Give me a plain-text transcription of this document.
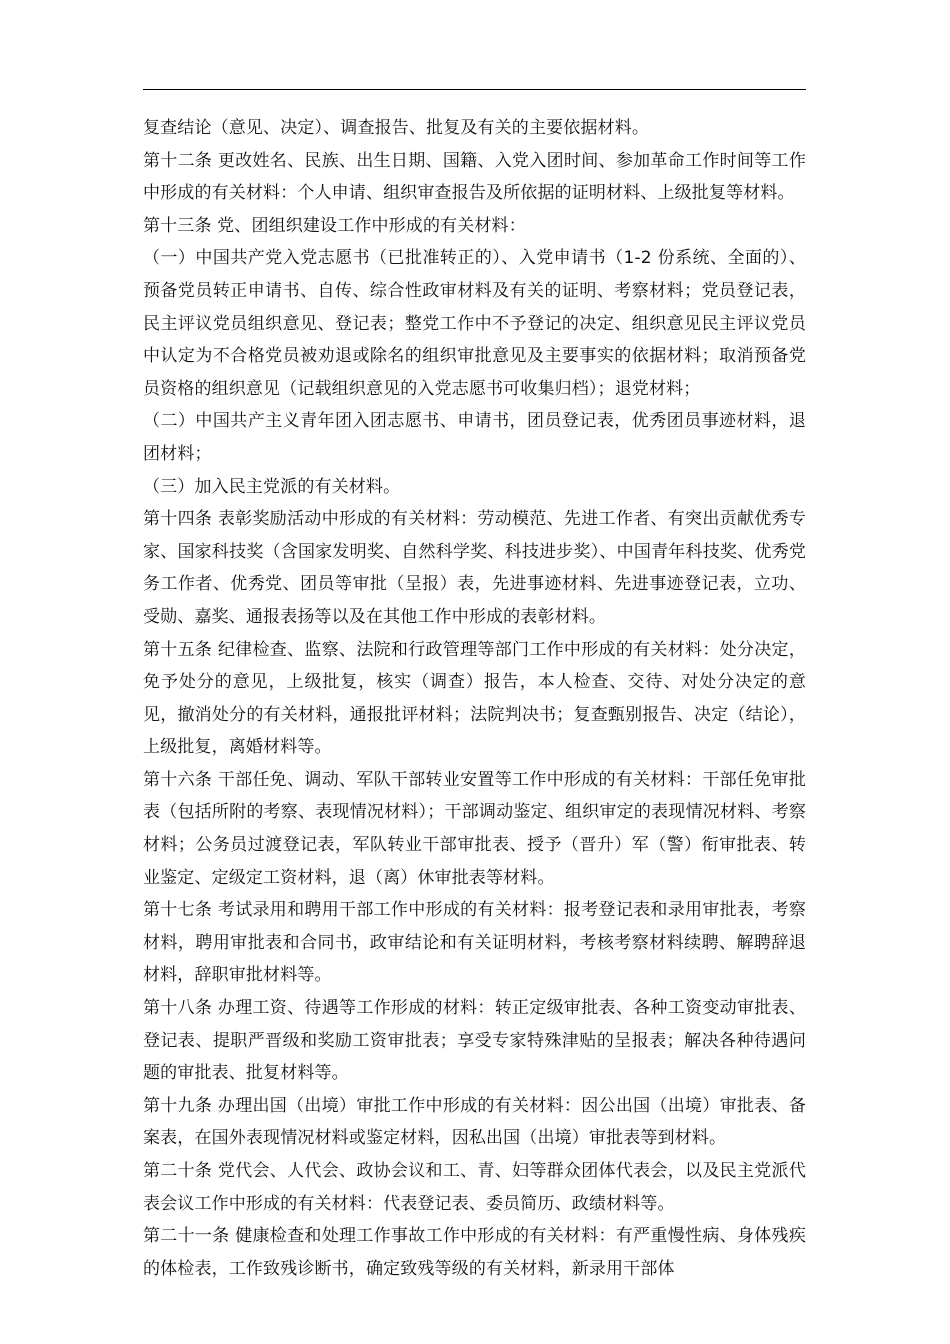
复查结论（意见、决定）、调查报告、批复及有关的主要依据材料。

第十二条 更改姓名、民族、出生日期、国籍、入党入团时间、参加革命工作时间等工作中形成的有关材料：个人申请、组织审查报告及所依据的证明材料、上级批复等材料。

第十三条 党、团组织建设工作中形成的有关材料：

（一）中国共产党入党志愿书（已批准转正的）、入党申请书（1-2 份系统、全面的）、预备党员转正申请书、自传、综合性政审材料及有关的证明、考察材料；党员登记表，民主评议党员组织意见、登记表；整党工作中不予登记的决定、组织意见民主评议党员中认定为不合格党员被劝退或除名的组织审批意见及主要事实的依据材料；取消预备党员资格的组织意见（记载组织意见的入党志愿书可收集归档）；退党材料；

（二）中国共产主义青年团入团志愿书、申请书，团员登记表，优秀团员事迹材料，退团材料；

（三）加入民主党派的有关材料。

第十四条 表彰奖励活动中形成的有关材料：劳动模范、先进工作者、有突出贡献优秀专家、国家科技奖（含国家发明奖、自然科学奖、科技进步奖）、中国青年科技奖、优秀党务工作者、优秀党、团员等审批（呈报）表，先进事迹材料、先进事迹登记表，立功、受勋、嘉奖、通报表扬等以及在其他工作中形成的表彰材料。

第十五条 纪律检查、监察、法院和行政管理等部门工作中形成的有关材料：处分决定，免予处分的意见，上级批复，核实（调查）报告，本人检查、交待、对处分决定的意见，撤消处分的有关材料，通报批评材料；法院判决书；复查甄别报告、决定（结论），上级批复，离婚材料等。

第十六条 干部任免、调动、军队干部转业安置等工作中形成的有关材料：干部任免审批表（包括所附的考察、表现情况材料）；干部调动鉴定、组织审定的表现情况材料、考察材料；公务员过渡登记表，军队转业干部审批表、授予（晋升）军（警）衔审批表、转业鉴定、定级定工资材料，退（离）休审批表等材料。

第十七条 考试录用和聘用干部工作中形成的有关材料：报考登记表和录用审批表，考察材料，聘用审批表和合同书，政审结论和有关证明材料，考核考察材料续聘、解聘辞退材料，辞职审批材料等。

第十八条 办理工资、待遇等工作形成的材料：转正定级审批表、各种工资变动审批表、登记表、提职严晋级和奖励工资审批表；享受专家特殊津贴的呈报表；解决各种待遇问题的审批表、批复材料等。

第十九条 办理出国（出境）审批工作中形成的有关材料：因公出国（出境）审批表、备案表，在国外表现情况材料或鉴定材料，因私出国（出境）审批表等到材料。

第二十条 党代会、人代会、政协会议和工、青、妇等群众团体代表会，以及民主党派代表会议工作中形成的有关材料：代表登记表、委员简历、政绩材料等。

第二十一条 健康检查和处理工作事故工作中形成的有关材料：有严重慢性病、身体残疾的体检表，工作致残诊断书，确定致残等级的有关材料，新录用干部体
